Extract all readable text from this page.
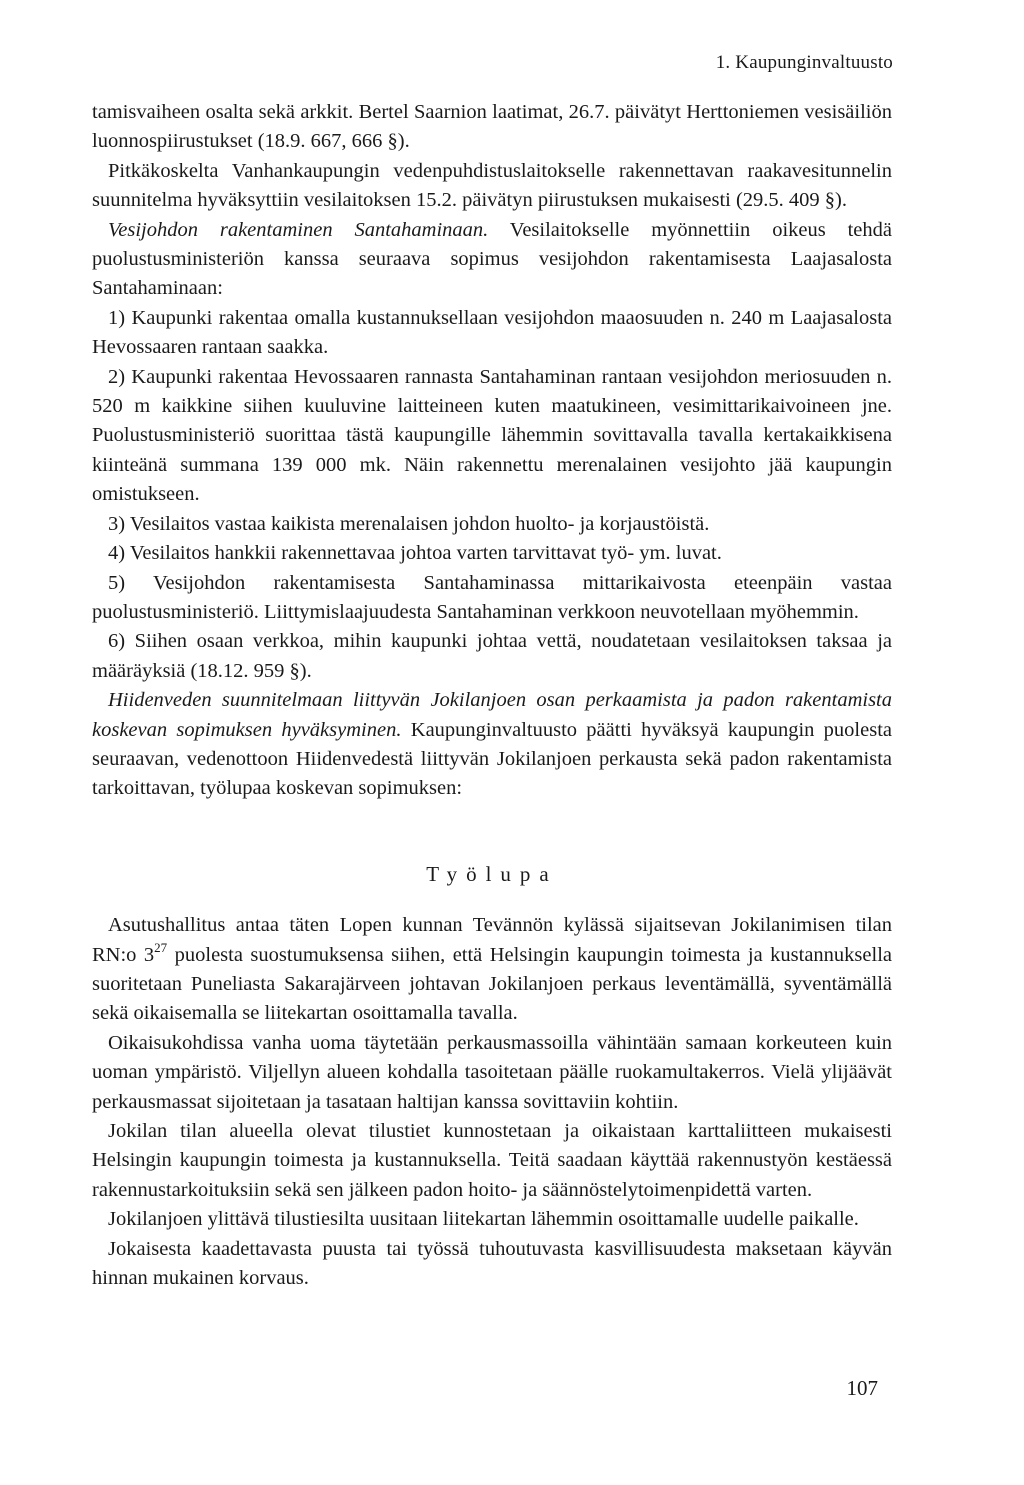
1. Kaupunginvaltuusto

tamisvaiheen osalta sekä arkkit. Bertel Saarnion laatimat, 26.7. päivätyt Herttoniemen vesisäiliön luonnospiirustukset (18.9. 667, 666 §).

Pitkäkoskelta Vanhankaupungin vedenpuhdistuslaitokselle rakennettavan raakavesitunnelin suunnitelma hyväksyttiin vesilaitoksen 15.2. päivätyn piirustuksen mukaisesti (29.5. 409 §).

Vesijohdon rakentaminen Santahaminaan. Vesilaitokselle myönnettiin oikeus tehdä puolustusministeriön kanssa seuraava sopimus vesijohdon rakentamisesta Laajasalosta Santahaminaan:

1) Kaupunki rakentaa omalla kustannuksellaan vesijohdon maaosuuden n. 240 m Laajasalosta Hevossaaren rantaan saakka.

2) Kaupunki rakentaa Hevossaaren rannasta Santahaminan rantaan vesijohdon meriosuuden n. 520 m kaikkine siihen kuuluvine laitteineen kuten maatukineen, vesimittarikaivoineen jne. Puolustusministeriö suorittaa tästä kaupungille lähemmin sovittavalla tavalla kertakaikkisena kiinteänä summana 139 000 mk. Näin rakennettu merenalainen vesijohto jää kaupungin omistukseen.

3) Vesilaitos vastaa kaikista merenalaisen johdon huolto- ja korjaustöistä.

4) Vesilaitos hankkii rakennettavaa johtoa varten tarvittavat työ- ym. luvat.

5) Vesijohdon rakentamisesta Santahaminassa mittarikaivosta eteenpäin vastaa puolustusministeriö. Liittymislaajuudesta Santahaminan verkkoon neuvotellaan myöhemmin.

6) Siihen osaan verkkoa, mihin kaupunki johtaa vettä, noudatetaan vesilaitoksen taksaa ja määräyksiä (18.12. 959 §).

Hiidenveden suunnitelmaan liittyvän Jokilanjoen osan perkaamista ja padon rakentamista koskevan sopimuksen hyväksyminen. Kaupunginvaltuusto päätti hyväksyä kaupungin puolesta seuraavan, vedenottoon Hiidenvedestä liittyvän Jokilanjoen perkausta sekä padon rakentamista tarkoittavan, työlupaa koskevan sopimuksen:

Työlupa

Asutushallitus antaa täten Lopen kunnan Tevännön kylässä sijaitsevan Jokilanimisen tilan RN:o $3^{27}$ puolesta suostumuksensa siihen, että Helsingin kaupungin toimesta ja kustannuksella suoritetaan Puneliasta Sakarajärveen johtavan Jokilanjoen perkaus leventämällä, syventämällä sekä oikaisemalla se liitekartan osoittamalla tavalla.

Oikaisukohdissa vanha uoma täytetään perkausmassoilla vähintään samaan korkeuteen kuin uoman ympäristö. Viljellyn alueen kohdalla tasoitetaan päälle ruokamultakerros. Vielä ylijäävät perkausmassat sijoitetaan ja tasataan haltijan kanssa sovittaviin kohtiin.

Jokilan tilan alueella olevat tilustiet kunnostetaan ja oikaistaan karttaliitteen mukaisesti Helsingin kaupungin toimesta ja kustannuksella. Teitä saadaan käyttää rakennustyön kestäessä rakennustarkoituksiin sekä sen jälkeen padon hoito- ja säännöstelytoimenpidettä varten.

Jokilanjoen ylittävä tilustiesilta uusitaan liitekartan lähemmin osoittamalle uudelle paikalle.

Jokaisesta kaadettavasta puusta tai työssä tuhoutuvasta kasvillisuudesta maksetaan käyvän hinnan mukainen korvaus.

107
